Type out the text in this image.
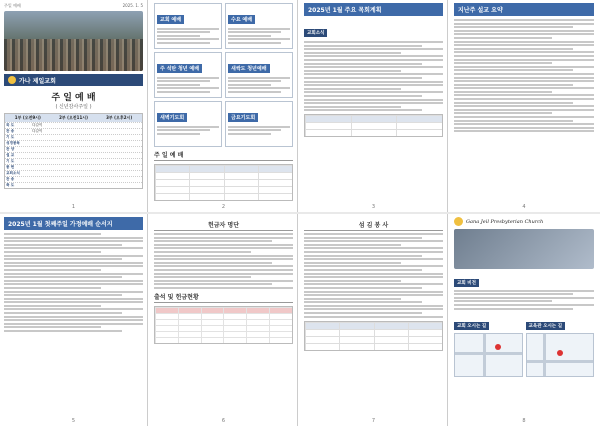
주일 예배	2025. 1. 5
가나 제일교회
주 일 예 배
( 신년감사주일 )
1부 (오전9시)	2부 (오전11시)	3부 (오후2시)
묵 도	다같이
찬 송	다같이
기 도
성경봉독
찬 양
설 교
기 도
봉 헌
교회소식
찬 송
축 도
1
교회 예배	수요 예배
주 석탄 청년 예배	새싹도 청년예배
새벽기도회	금요기도회
주 일 예 배
2
2025년 1월 주요 목회계획
교회소식
3
지난주 설교 요약
4
2025년 1월 첫째주일 가정예배 순서지
5
헌금자 명단
출석 및 헌금현황
6
섬 김 봉 사
7
Gana Jeil Presbyterian Church
교회 비전
교회 오시는 길	교육관 오시는 길
8
